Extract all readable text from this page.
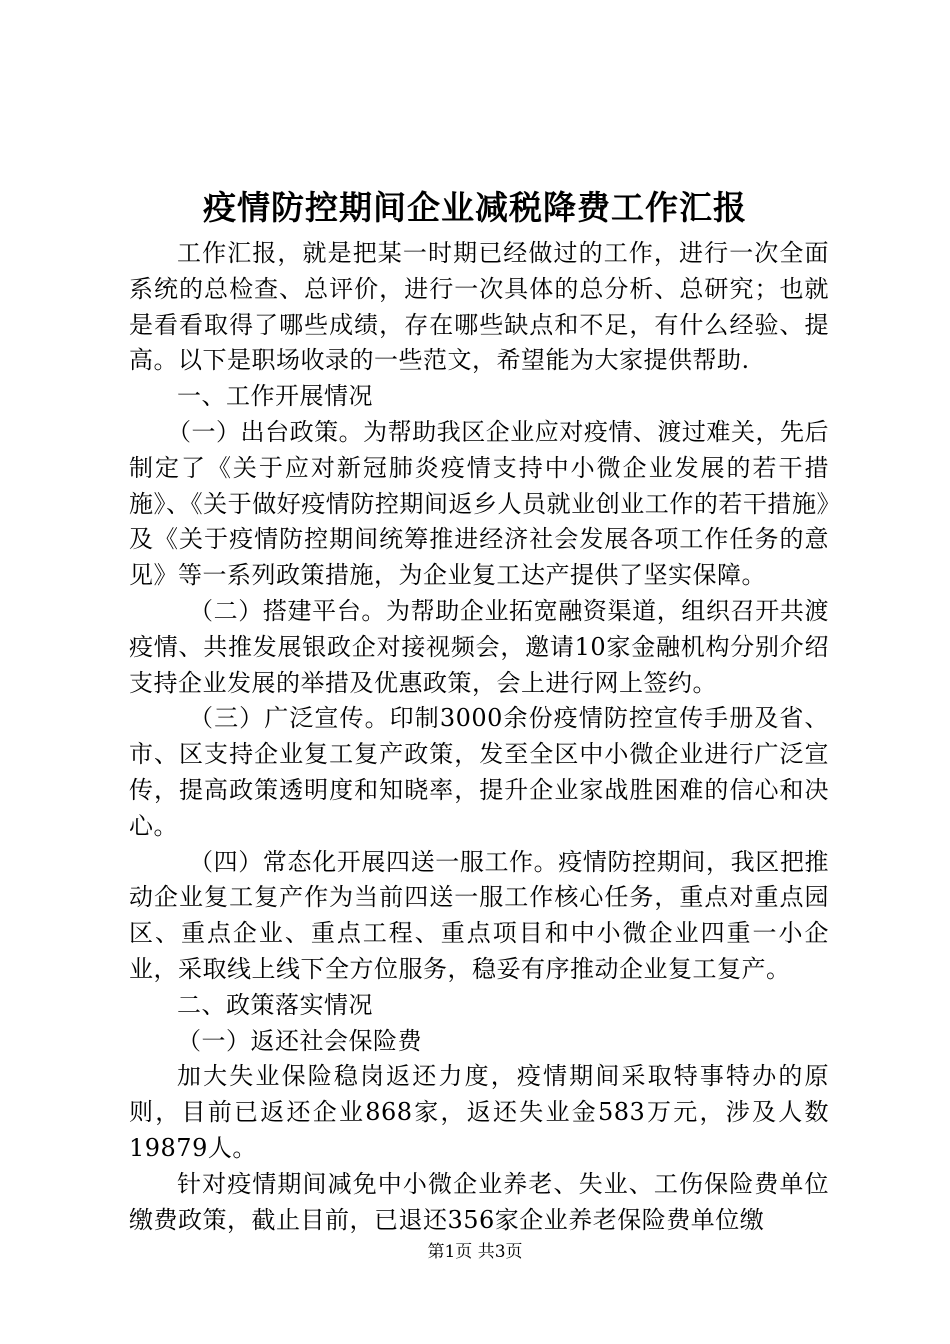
疫情防控期间企业减税降费工作汇报

工作汇报，就是把某一时期已经做过的工作，进行一次全面系统的总检查、总评价，进行一次具体的总分析、总研究；也就是看看取得了哪些成绩，存在哪些缺点和不足，有什么经验、提高。以下是职场收录的一些范文，希望能为大家提供帮助.

一、工作开展情况

（一）出台政策。为帮助我区企业应对疫情、渡过难关，先后制定了《关于应对新冠肺炎疫情支持中小微企业发展的若干措施》、《关于做好疫情防控期间返乡人员就业创业工作的若干措施》及《关于疫情防控期间统筹推进经济社会发展各项工作任务的意见》等一系列政策措施，为企业复工达产提供了坚实保障。

（二）搭建平台。为帮助企业拓宽融资渠道，组织召开共渡疫情、共推发展银政企对接视频会，邀请10家金融机构分别介绍支持企业发展的举措及优惠政策，会上进行网上签约。

（三）广泛宣传。印制3000余份疫情防控宣传手册及省、市、区支持企业复工复产政策，发至全区中小微企业进行广泛宣传，提高政策透明度和知晓率，提升企业家战胜困难的信心和决心。

（四）常态化开展四送一服工作。疫情防控期间，我区把推动企业复工复产作为当前四送一服工作核心任务，重点对重点园区、重点企业、重点工程、重点项目和中小微企业四重一小企业，采取线上线下全方位服务，稳妥有序推动企业复工复产。

二、政策落实情况

（一）返还社会保险费

加大失业保险稳岗返还力度，疫情期间采取特事特办的原则，目前已返还企业868家，返还失业金583万元，涉及人数19879人。

针对疫情期间减免中小微企业养老、失业、工伤保险费单位缴费政策，截止目前，已退还356家企业养老保险费单位缴

第1页 共3页
